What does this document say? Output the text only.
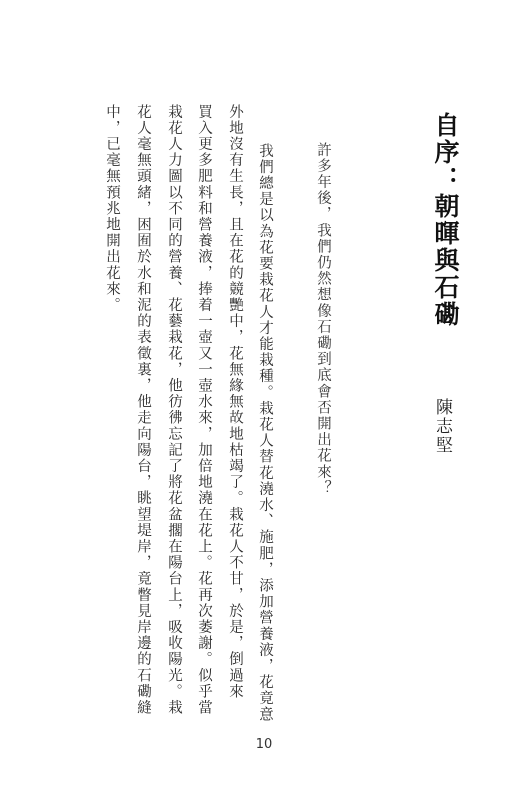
自序：朝暉與石磡
陳志堅
許多年後，我們仍然想像石磡到底會否開出花來？
我們總是以為花要栽花人才能栽種。栽花人替花澆水、施肥，添加營養液，花竟意
外地沒有生長，且在花的競艷中，花無緣無故地枯竭了。栽花人不甘，於是，倒過來
買入更多肥料和營養液，捧着一壺又一壺水來，加倍地澆在花上。花再次萎謝。似乎當
栽花人力圖以不同的營養、花藝栽花，他彷彿忘記了將花盆擱在陽台上，吸收陽光。栽
花人毫無頭緒，困囿於水和泥的表徵裏，他走向陽台，眺望堤岸，竟瞥見岸邊的石磡縫
中，已毫無預兆地開出花來。
10
